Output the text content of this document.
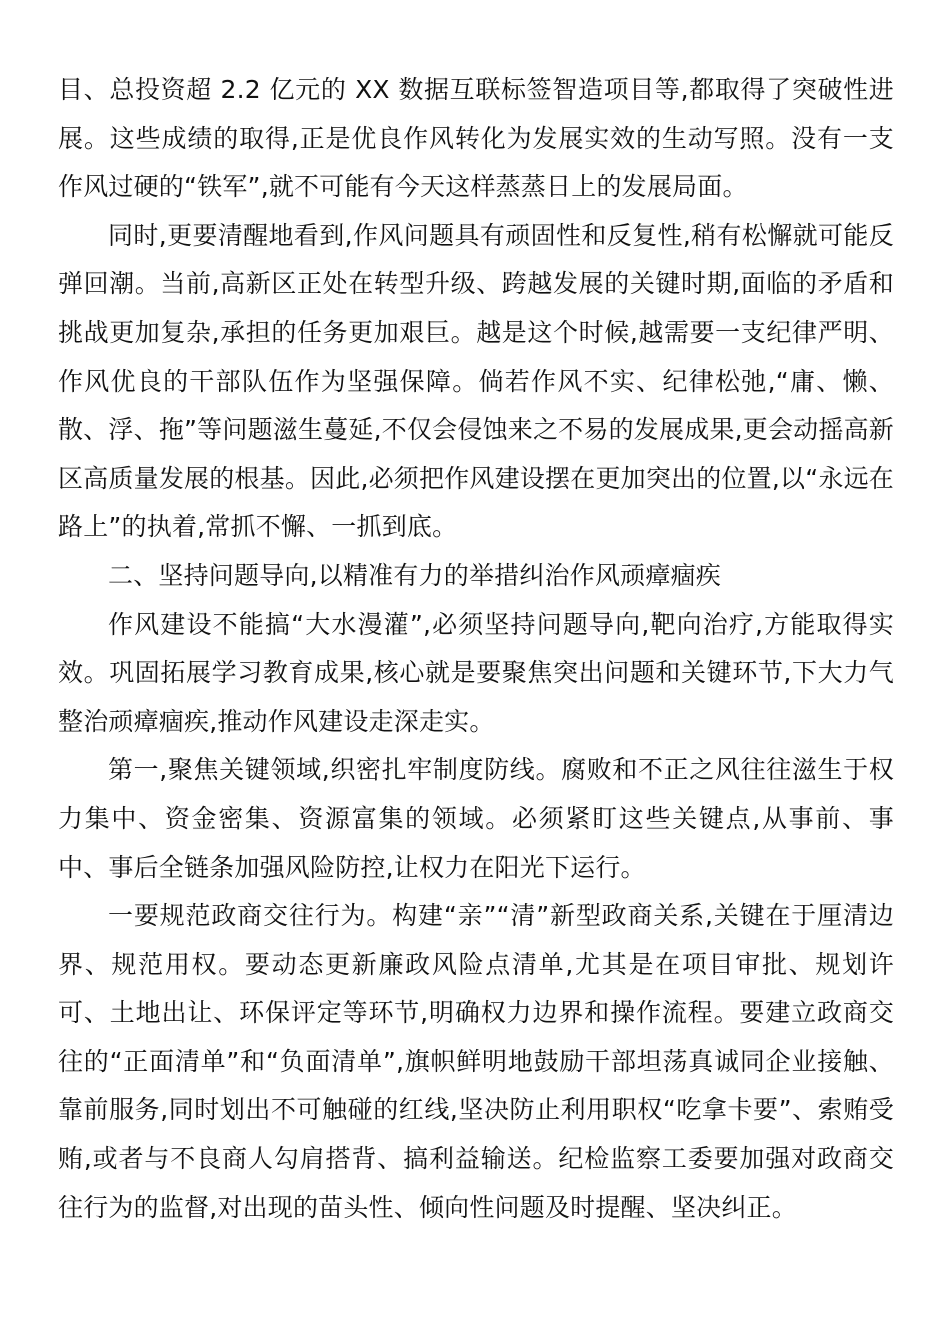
目、总投资超 2.2 亿元的 XX 数据互联标签智造项目等,都取得了突破性进展。这些成绩的取得,正是优良作风转化为发展实效的生动写照。没有一支作风过硬的“铁军”,就不可能有今天这样蒸蒸日上的发展局面。

同时,更要清醒地看到,作风问题具有顽固性和反复性,稍有松懈就可能反弹回潮。当前,高新区正处在转型升级、跨越发展的关键时期,面临的矛盾和挑战更加复杂,承担的任务更加艰巨。越是这个时候,越需要一支纪律严明、作风优良的干部队伍作为坚强保障。倘若作风不实、纪律松弛,“庸、懒、散、浮、拖”等问题滋生蔓延,不仅会侵蚀来之不易的发展成果,更会动摇高新区高质量发展的根基。因此,必须把作风建设摆在更加突出的位置,以“永远在路上”的执着,常抓不懈、一抓到底。

二、坚持问题导向,以精准有力的举措纠治作风顽瘴痼疾

作风建设不能搞“大水漫灌”,必须坚持问题导向,靶向治疗,方能取得实效。巩固拓展学习教育成果,核心就是要聚焦突出问题和关键环节,下大力气整治顽瘴痼疾,推动作风建设走深走实。

第一,聚焦关键领域,织密扎牢制度防线。腐败和不正之风往往滋生于权力集中、资金密集、资源富集的领域。必须紧盯这些关键点,从事前、事中、事后全链条加强风险防控,让权力在阳光下运行。

一要规范政商交往行为。构建“亲”“清”新型政商关系,关键在于厘清边界、规范用权。要动态更新廉政风险点清单,尤其是在项目审批、规划许可、土地出让、环保评定等环节,明确权力边界和操作流程。要建立政商交往的“正面清单”和“负面清单”,旗帜鲜明地鼓励干部坦荡真诚同企业接触、靠前服务,同时划出不可触碰的红线,坚决防止利用职权“吃拿卡要”、索贿受贿,或者与不良商人勾肩搭背、搞利益输送。纪检监察工委要加强对政商交往行为的监督,对出现的苗头性、倾向性问题及时提醒、坚决纠正。
